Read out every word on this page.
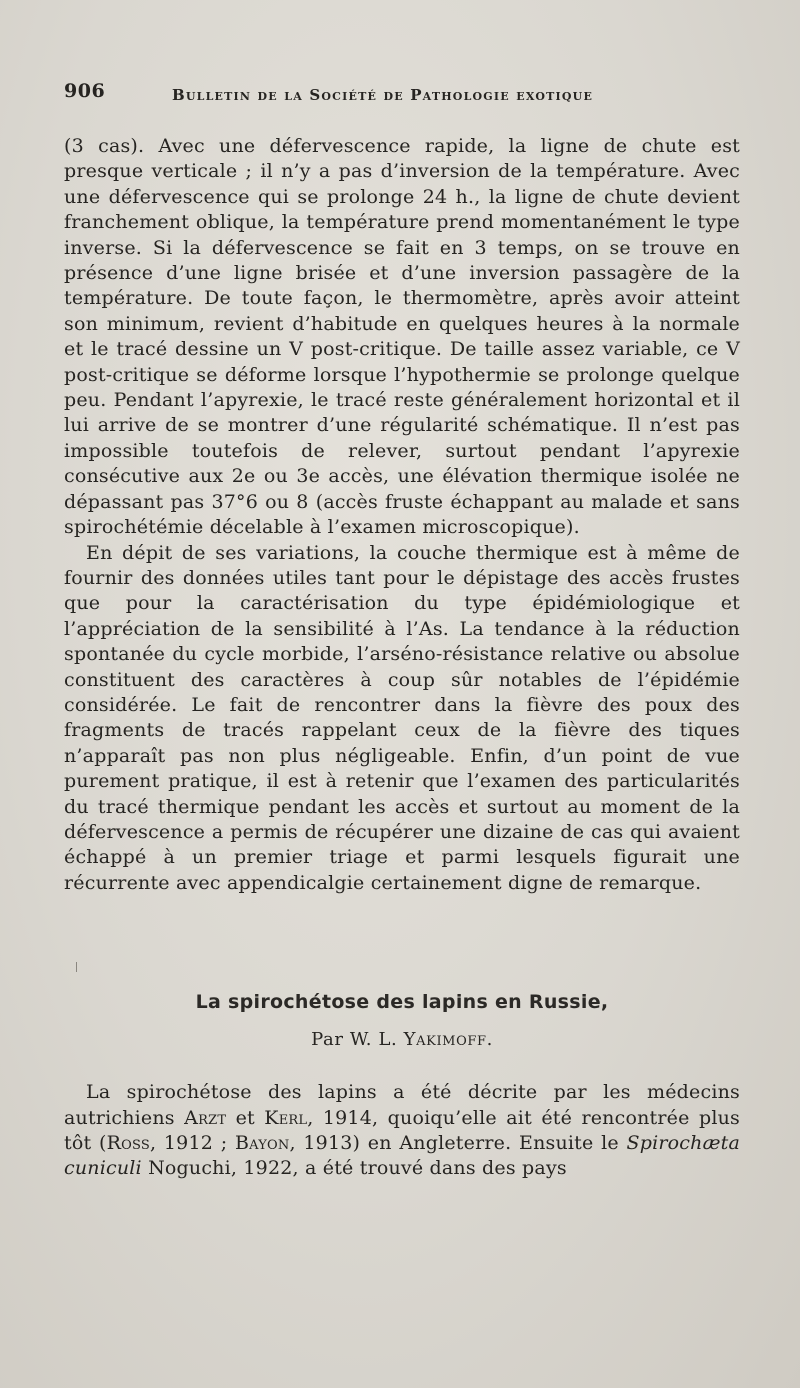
906	Bulletin de la Société de Pathologie exotique

(3 cas). Avec une défervescence rapide, la ligne de chute est presque verticale ; il n’y a pas d’inversion de la température. Avec une défervescence qui se prolonge 24 h., la ligne de chute devient franchement oblique, la température prend momentanément le type inverse. Si la défervescence se fait en 3 temps, on se trouve en présence d’une ligne brisée et d’une inversion passagère de la température. De toute façon, le thermomètre, après avoir atteint son minimum, revient d’habitude en quelques heures à la normale et le tracé dessine un V post-critique. De taille assez variable, ce V post-critique se déforme lorsque l’hypothermie se prolonge quelque peu. Pendant l’apyrexie, le tracé reste généralement horizontal et il lui arrive de se montrer d’une régularité schématique. Il n’est pas impossible toutefois de relever, surtout pendant l’apyrexie consécutive aux 2e ou 3e accès, une élévation thermique isolée ne dépassant pas 37°6 ou 8 (accès fruste échappant au malade et sans spirochétémie décelable à l’examen microscopique).

En dépit de ses variations, la couche thermique est à même de fournir des données utiles tant pour le dépistage des accès frustes que pour la caractérisation du type épidémiologique et l’appréciation de la sensibilité à l’As. La tendance à la réduction spontanée du cycle morbide, l’arséno-résistance relative ou absolue constituent des caractères à coup sûr notables de l’épidémie considérée. Le fait de rencontrer dans la fièvre des poux des fragments de tracés rappelant ceux de la fièvre des tiques n’apparaît pas non plus négligeable. Enfin, d’un point de vue purement pratique, il est à retenir que l’examen des particularités du tracé thermique pendant les accès et surtout au moment de la défervescence a permis de récupérer une dizaine de cas qui avaient échappé à un premier triage et parmi lesquels figurait une récurrente avec appendicalgie certainement digne de remarque.

La spirochétose des lapins en Russie,
Par W. L. Yakimoff.

La spirochétose des lapins a été décrite par les médecins autrichiens Arzt et Kerl, 1914, quoiqu’elle ait été rencontrée plus tôt (Ross, 1912 ; Bayon, 1913) en Angleterre. Ensuite le Spirochæta cuniculi Noguchi, 1922, a été trouvé dans des pays
